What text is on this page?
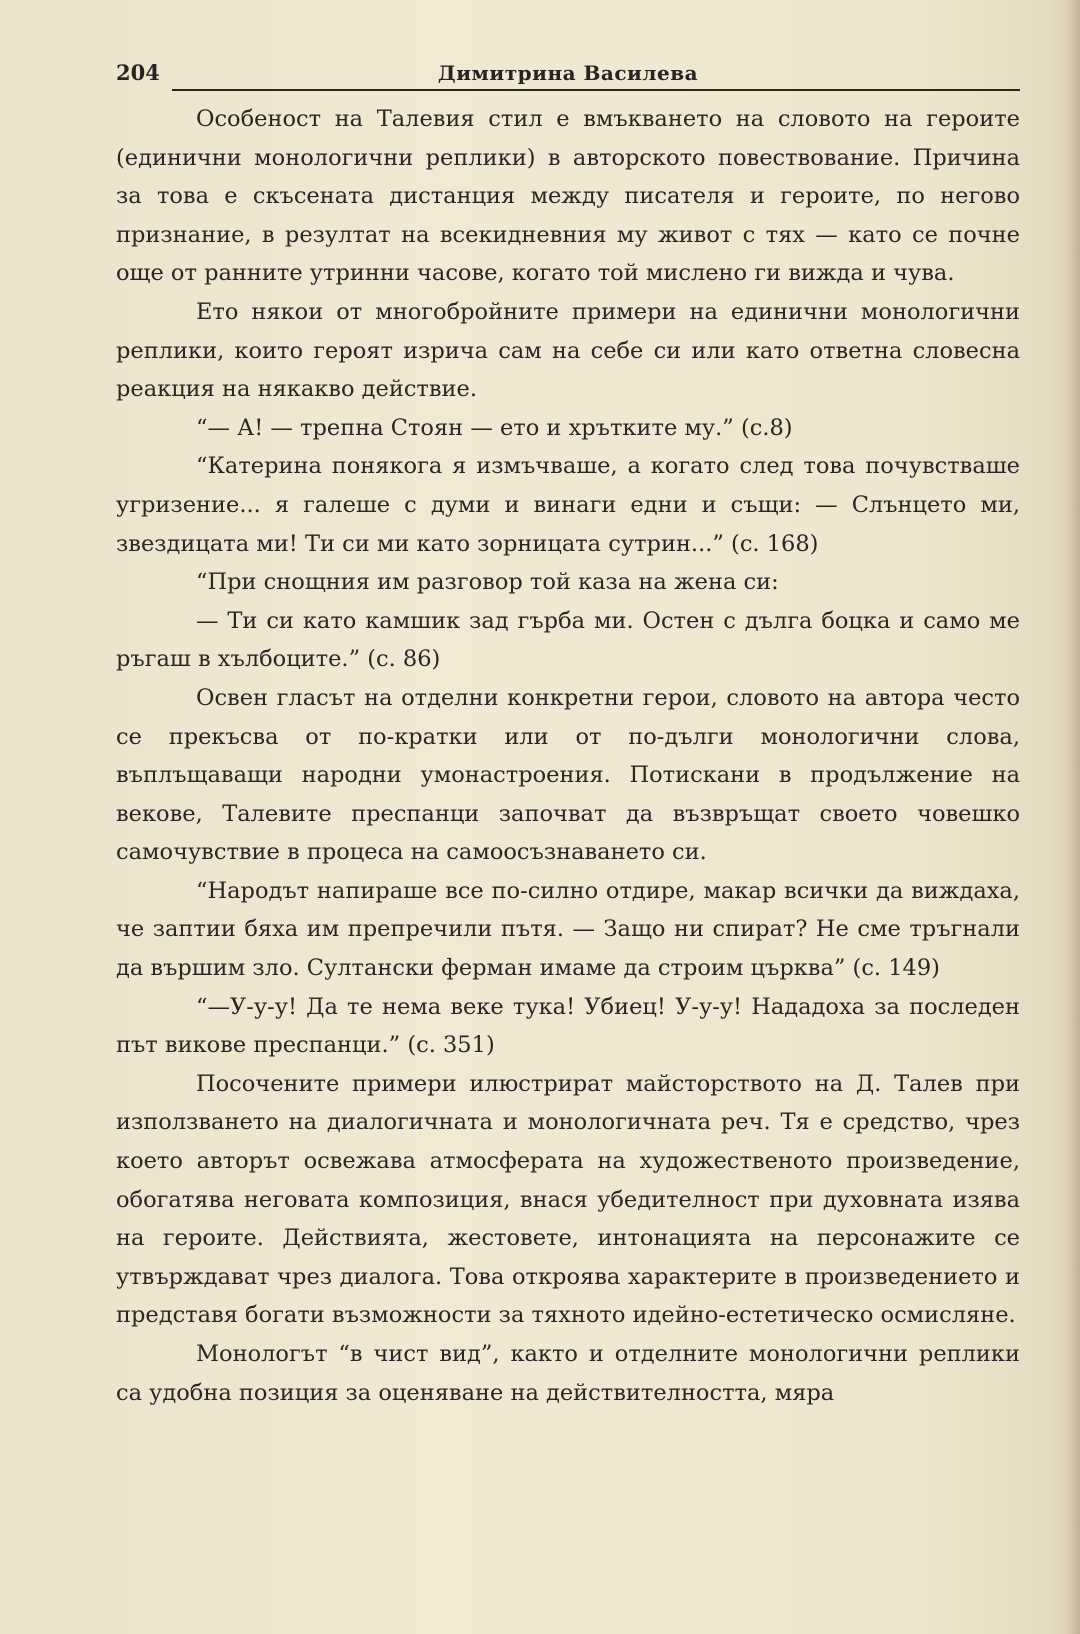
204	Димитрина Василева

Особеност на Талевия стил е вмъкването на словото на героите (единични монологични реплики) в авторското повествование. Причина за това е скъсената дистанция между писателя и героите, по негово признание, в резултат на всекидневния му живот с тях — като се почне още от ранните утринни часове, когато той мислено ги вижда и чува.

Ето някои от многобройните примери на единични монологични реплики, които героят изрича сам на себе си или като ответна словесна реакция на някакво действие.

“— А! — трепна Стоян — ето и хрътките му.” (с.8)

“Катерина понякога я измъчваше, а когато след това почувстваше угризение... я галеше с думи и винаги едни и същи: — Слънцето ми, звездицата ми! Ти си ми като зорницата сутрин...” (с. 168)

“При снощния им разговор той каза на жена си:

— Ти си като камшик зад гърба ми. Остен с дълга боцка и само ме ръгаш в хълбоците.” (с. 86)

Освен гласът на отделни конкретни герои, словото на автора често се прекъсва от по-кратки или от по-дълги монологични слова, въплъщаващи народни умонастроения. Потискани в продължение на векове, Талевите преспанци започват да възвръщат своето човешко самочувствие в процеса на самоосъзнаването си.

“Народът напираше все по-силно отдире, макар всички да виждаха, че заптии бяха им препречили пътя. — Защо ни спират? Не сме тръгнали да вършим зло. Султански ферман имаме да строим църква” (с. 149)

“—У-у-у! Да те нема веке тука! Убиец! У-у-у! Нададоха за последен път викове преспанци.” (с. 351)

Посочените примери илюстрират майсторството на Д. Талев при използването на диалогичната и монологичната реч. Тя е средство, чрез което авторът освежава атмосферата на художественото произведение, обогатява неговата композиция, внася убедителност при духовната изява на героите. Действията, жестовете, интонацията на персонажите се утвърждават чрез диалога. Това откроява характерите в произведението и представя богати възможности за тяхното идейно-естетическо осмисляне.

Монологът “в чист вид”, както и отделните монологични реплики са удобна позиция за оценяване на действителността, мяра
